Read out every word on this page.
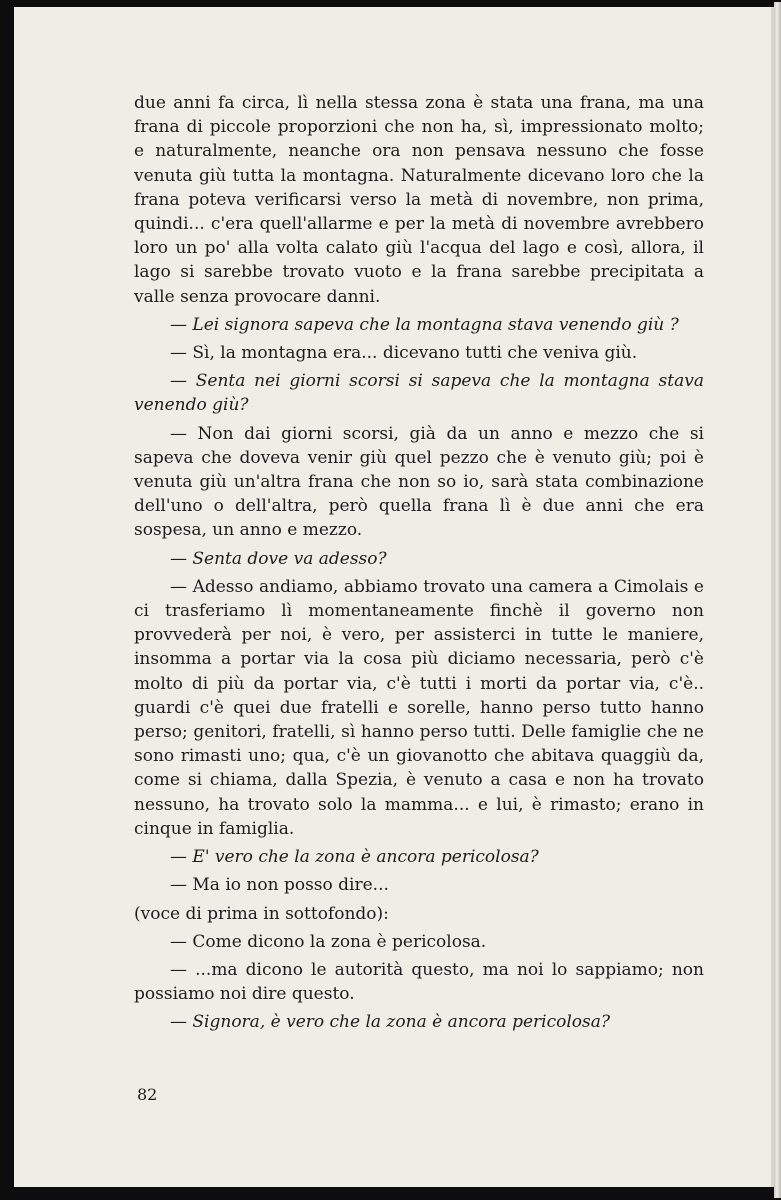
due anni fa circa, lì nella stessa zona è stata una frana, ma una frana di piccole proporzioni che non ha, sì, impressionato molto; e naturalmente, neanche ora non pensava nessuno che fosse venuta giù tutta la montagna. Naturalmente dicevano loro che la frana poteva verificarsi verso la metà di novembre, non prima, quindi... c'era quell'allarme e per la metà di novembre avrebbero loro un po' alla volta calato giù l'acqua del lago e così, allora, il lago si sarebbe trovato vuoto e la frana sarebbe precipitata a valle senza provocare danni.

— Lei signora sapeva che la montagna stava venendo giù ?

— Sì, la montagna era... dicevano tutti che veniva giù.

— Senta nei giorni scorsi si sapeva che la montagna stava venendo giù?

— Non dai giorni scorsi, già da un anno e mezzo che si sapeva che doveva venir giù quel pezzo che è venuto giù; poi è venuta giù un'altra frana che non so io, sarà stata combinazione dell'uno o dell'altra, però quella frana lì è due anni che era sospesa, un anno e mezzo.

— Senta dove va adesso?

— Adesso andiamo, abbiamo trovato una camera a Cimolais e ci trasferiamo lì momentaneamente finchè il governo non provvederà per noi, è vero, per assisterci in tutte le maniere, insomma a portar via la cosa più diciamo necessaria, però c'è molto di più da portar via, c'è tutti i morti da portar via, c'è.. guardi c'è quei due fratelli e sorelle, hanno perso tutto hanno perso; genitori, fratelli, sì hanno perso tutti. Delle famiglie che ne sono rimasti uno; qua, c'è un giovanotto che abitava quaggiù da, come si chiama, dalla Spezia, è venuto a casa e non ha trovato nessuno, ha trovato solo la mamma... e lui, è rimasto; erano in cinque in famiglia.

— E' vero che la zona è ancora pericolosa?

— Ma io non posso dire...

(voce di prima in sottofondo):

— Come dicono la zona è pericolosa.

— ...ma dicono le autorità questo, ma noi lo sappiamo; non possiamo noi dire questo.

— Signora, è vero che la zona è ancora pericolosa?

82
